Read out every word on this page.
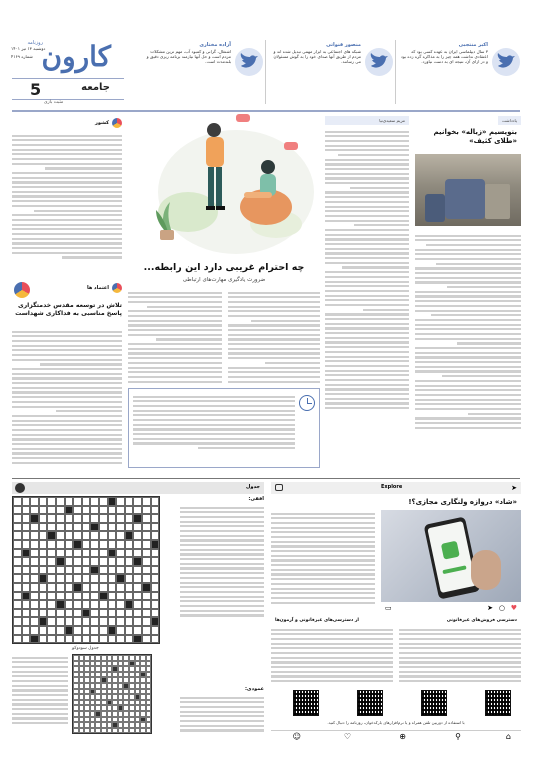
کارون
روزنامه
دوشنبه ۱۳ تیر ۱۴۰۱
شماره ۴۱۶۹
5	جامعه
مثبت بازی
اکبر منتجبی
۳ سال دیپلماسی ایران به عهده کسی بود که اعتقادی نداشت همه چیز را به مذاکره گره زده بود و در ازای آن، نتیجه ای به دست نیاورد.
منصور قنواتی
شبکه های اجتماعی به ابزار مهمی تبدیل شده اند و مردم از طریق آنها صدای خود را به گوش مسئولان می رسانند.
آزاده مختاری
اشتغال، گرانی و کمبود آب، مهم ترین مشکلات مردم است و حل آنها نیازمند برنامه ریزی دقیق و بلندمدت است.
یادداشت
بنویسیم «زباله» بخوانیم «طلای کثیف»
مریم سعیدی‌نیا
چه احترام غریبی دارد این رابطه...
ضرورت یادگیری مهارت‌های ارتباطی
کشور
اعتماد ها
تلاش در توسعه مقدس خدمتگزاری پاسخ مناسبی به فداکاری شهداست
جدول
افقی:
عمودی:
جدول سودوکو
➤
Explore
«شاد» دروازه ولنگاری مجازی؟!
♥
○
➤
▭
دسترسی فروش‌های غیرقانونی
از دسترسی‌های غیرقانونی و آزمون‌ها
با استفاده از دوربین تلفن همراه و یا نرم‌افزارهای بارکدخوان، روزنامه را دنبال کنید.
⌂
⚲
⊕
♡
☺
